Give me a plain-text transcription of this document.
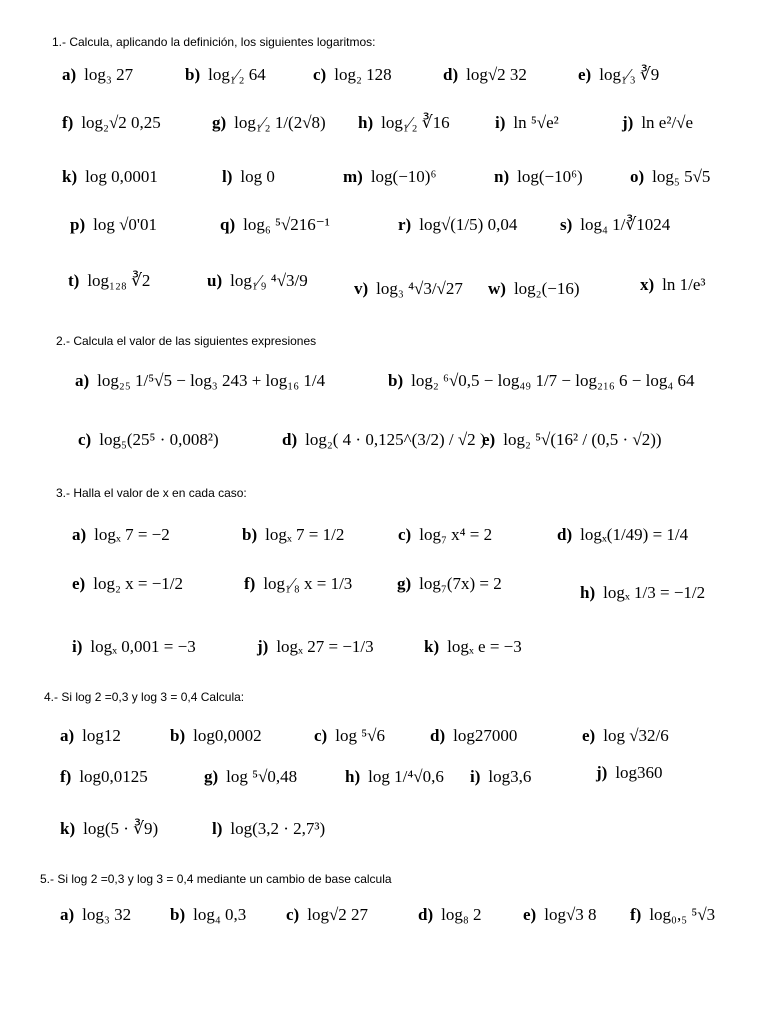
1.- Calcula, aplicando la definición, los siguientes logaritmos:

a) log₃ 27	b) log₁⁄₂ 64	c) log₂ 128	d) log√2 32	e) log₁⁄₃ ∛9
f) log₂√2 0,25	g) log₁⁄₂ 1/(2√8) h) log₁⁄₂ ∛16	i) ln ⁵√e²	j) ln e²/√e
k) log 0,0001	l) log 0	m) log(−10)⁶	n) log(−10⁶)	o) log₅ 5√5
p) log √0'01	q) log₆ ⁵√216⁻¹	r) log√(1/5) 0,04	s) log₄ 1/∛1024
t) log₁₂₈ ∛2	u) log₁⁄₉ ⁴√3/9	v) log₃ ⁴√3/√27 w) log₂(−16)	x) ln 1/e³

2.- Calcula el valor de las siguientes expresiones

a) log₂₅ 1/⁵√5 − log₃ 243 + log₁₆ 1/4	b) log₂ ⁶√0,5 − log₄₉ 1/7 − log₂₁₆ 6 − log₄ 64
c) log₅(25⁵ · 0,008²)	d) log₂( 4 · 0,125^(3/2) / √2 )
e) log₂ ⁵√(16² / (0,5 · √2))

3.- Halla el valor de x en cada caso:

a) logₓ 7 = −2	b) logₓ 7 = 1/2	c) log₇ x⁴ = 2	d) logₓ(1/49) = 1/4
e) log₂ x = −1/2	f) log₁⁄₈ x = 1/3	g) log₇(7x) = 2	h) logₓ 1/3 = −1/2
i) logₓ 0,001 = −3	j) logₓ 27 = −1/3	k) logₓ e = −3

4.- Si log 2 =0,3 y log 3 = 0,4 Calcula:

a) log12	b) log0,0002	c) log ⁵√6	d) log27000	e) log √32/6
f) log0,0125	g) log ⁵√0,48	h) log 1/⁴√0,6 i) log3,6	j) log360
k) log(5 · ∛9)	l) log(3,2 · 2,7³)

5.- Si log 2 =0,3 y log 3 = 0,4 mediante un cambio de base calcula

a) log₃ 32 b) log₄ 0,3 c) log√2 27	d) log₈ 2 e) log√3 8 f) log₀,₅ ⁵√3
